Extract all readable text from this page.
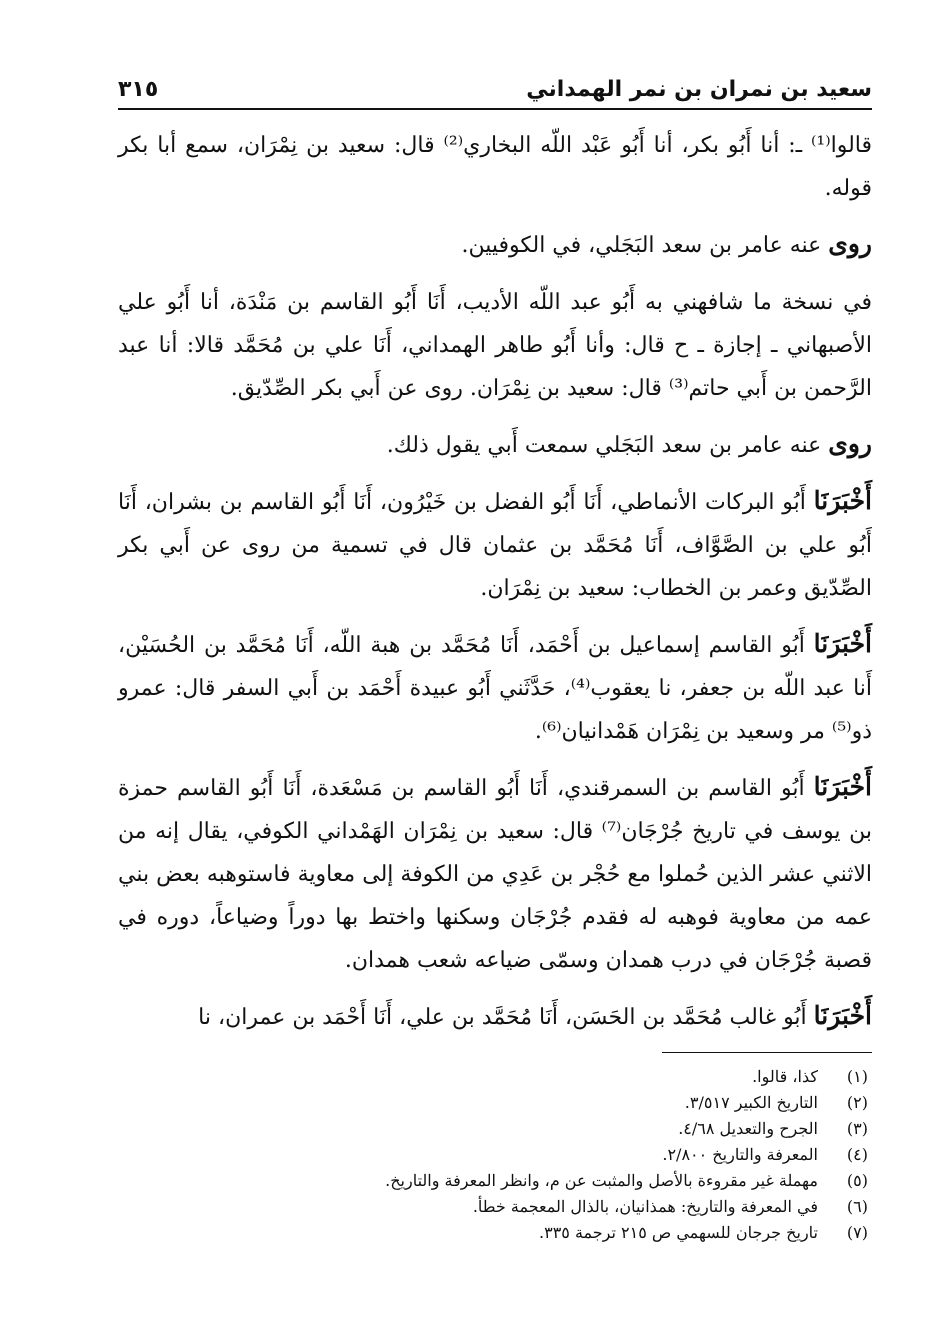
سعيد بن نمران بن نمر الهمداني
٣١٥

قالوا⁽¹⁾ ـ: أنا أَبُو بكر، أنا أَبُو عَبْد اللّه البخاري⁽²⁾ قال: سعيد بن نِمْرَان، سمع أبا بكر قوله.

روى عنه عامر بن سعد البَجَلي، في الكوفيين.

في نسخة ما شافهني به أَبُو عبد اللّه الأديب، أَنَا أَبُو القاسم بن مَنْدَة، أنا أَبُو علي الأصبهاني ـ إجازة ـ ح قال: وأنا أَبُو طاهر الهمداني، أَنَا علي بن مُحَمَّد قالا: أنا عبد الرَّحمن بن أَبي حاتم⁽³⁾ قال: سعيد بن نِمْرَان. روى عن أَبي بكر الصِّدّيق.

روى عنه عامر بن سعد البَجَلي سمعت أَبي يقول ذلك.

أَخْبَرَنَا أَبُو البركات الأنماطي، أَنَا أَبُو الفضل بن خَيْرُون، أَنَا أَبُو القاسم بن بشران، أَنَا أَبُو علي بن الصَّوَّاف، أَنَا مُحَمَّد بن عثمان قال في تسمية من روى عن أَبي بكر الصِّدّيق وعمر بن الخطاب: سعيد بن نِمْرَان.

أَخْبَرَنَا أَبُو القاسم إسماعيل بن أَحْمَد، أَنَا مُحَمَّد بن هبة اللّه، أَنَا مُحَمَّد بن الحُسَيْن، أَنا عبد اللّه بن جعفر، نا يعقوب⁽⁴⁾، حَدَّثَني أَبُو عبيدة أَحْمَد بن أَبي السفر قال: عمرو ذو⁽⁵⁾ مر وسعيد بن نِمْرَان هَمْدانيان⁽⁶⁾.

أَخْبَرَنَا أَبُو القاسم بن السمرقندي، أَنَا أَبُو القاسم بن مَسْعَدة، أَنَا أَبُو القاسم حمزة بن يوسف في تاريخ جُرْجَان⁽⁷⁾ قال: سعيد بن نِمْرَان الهَمْداني الكوفي، يقال إنه من الاثني عشر الذين حُملوا مع حُجْر بن عَدِي من الكوفة إلى معاوية فاستوهبه بعض بني عمه من معاوية فوهبه له فقدم جُرْجَان وسكنها واختط بها دوراً وضياعاً، دوره في قصبة جُرْجَان في درب همدان وسمّى ضياعه شعب همدان.

أَخْبَرَنَا أَبُو غالب مُحَمَّد بن الحَسَن، أَنَا مُحَمَّد بن علي، أَنَا أَحْمَد بن عمران، نا

(١)
كذا، قالوا.
(٢)
التاريخ الكبير ٣/٥١٧.
(٣)
الجرح والتعديل ٤/٦٨.
(٤)
المعرفة والتاريخ ٢/٨٠٠.
(٥)
مهملة غير مقروءة بالأصل والمثبت عن م، وانظر المعرفة والتاريخ.
(٦)
في المعرفة والتاريخ: همذانيان، بالذال المعجمة خطأ.
(٧)
تاريخ جرجان للسهمي ص ٢١٥ ترجمة ٣٣٥.
